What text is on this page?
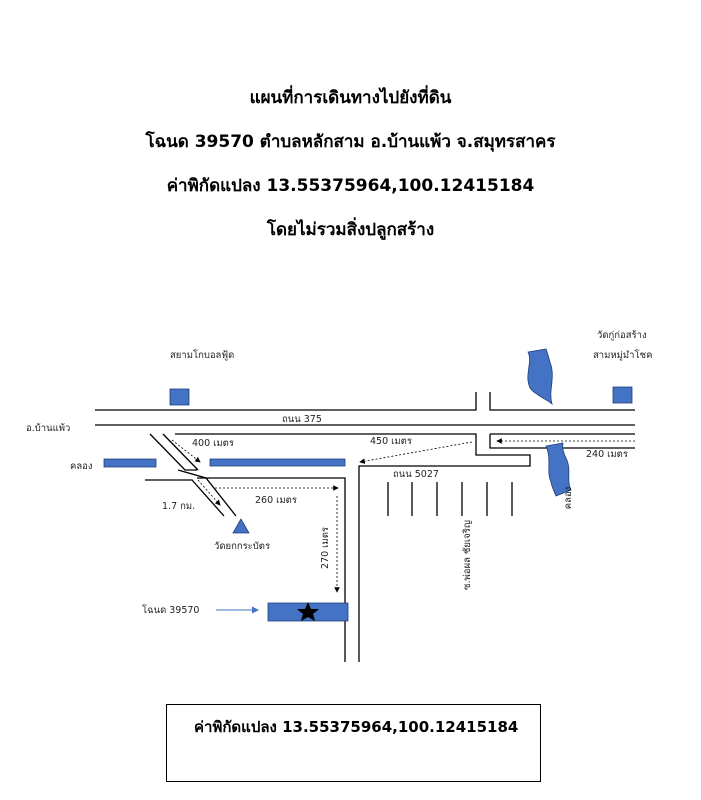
แผนที่การเดินทางไปยังที่ดิน
โฉนด 39570 ตำบลหลักสาม อ.บ้านแพ้ว จ.สมุทรสาคร
ค่าพิกัดแปลง 13.55375964,100.12415184
โดยไม่รวมสิ่งปลูกสร้าง
สยามโกบอลฟู้ด
วัดกู่ก่อสร้าง
สามหมู่มำโชค
อ.บ้านแพ้ว
ถนน 375
ถนน 5027
คลอง
คลอง
400 เมตร	450 เมตร
240 เมตร
260 เมตร
1.7 กม.
270 เมตร
วัดยกกระบัตร	ซ.พ่อผล ชัยเจริญ
โฉนด 39570
ค่าพิกัดแปลง 13.55375964,100.12415184
